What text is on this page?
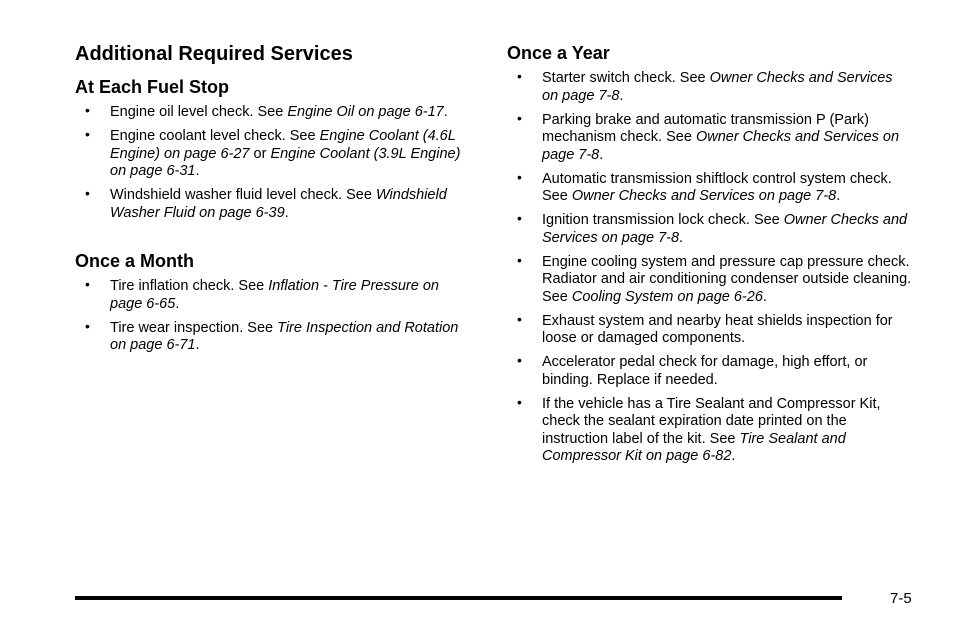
Additional Required Services
At Each Fuel Stop
• Engine oil level check. See Engine Oil on page 6-17.
• Engine coolant level check. See Engine Coolant (4.6L Engine) on page 6-27 or Engine Coolant (3.9L Engine) on page 6-31.
• Windshield washer fluid level check. See Windshield Washer Fluid on page 6-39.
Once a Month
• Tire inflation check. See Inflation - Tire Pressure on page 6-65.
• Tire wear inspection. See Tire Inspection and Rotation on page 6-71.
Once a Year
• Starter switch check. See Owner Checks and Services on page 7-8.
• Parking brake and automatic transmission P (Park) mechanism check. See Owner Checks and Services on page 7-8.
• Automatic transmission shiftlock control system check. See Owner Checks and Services on page 7-8.
• Ignition transmission lock check. See Owner Checks and Services on page 7-8.
• Engine cooling system and pressure cap pressure check. Radiator and air conditioning condenser outside cleaning. See Cooling System on page 6-26.
• Exhaust system and nearby heat shields inspection for loose or damaged components.
• Accelerator pedal check for damage, high effort, or binding. Replace if needed.
• If the vehicle has a Tire Sealant and Compressor Kit, check the sealant expiration date printed on the instruction label of the kit. See Tire Sealant and Compressor Kit on page 6-82.
7-5
